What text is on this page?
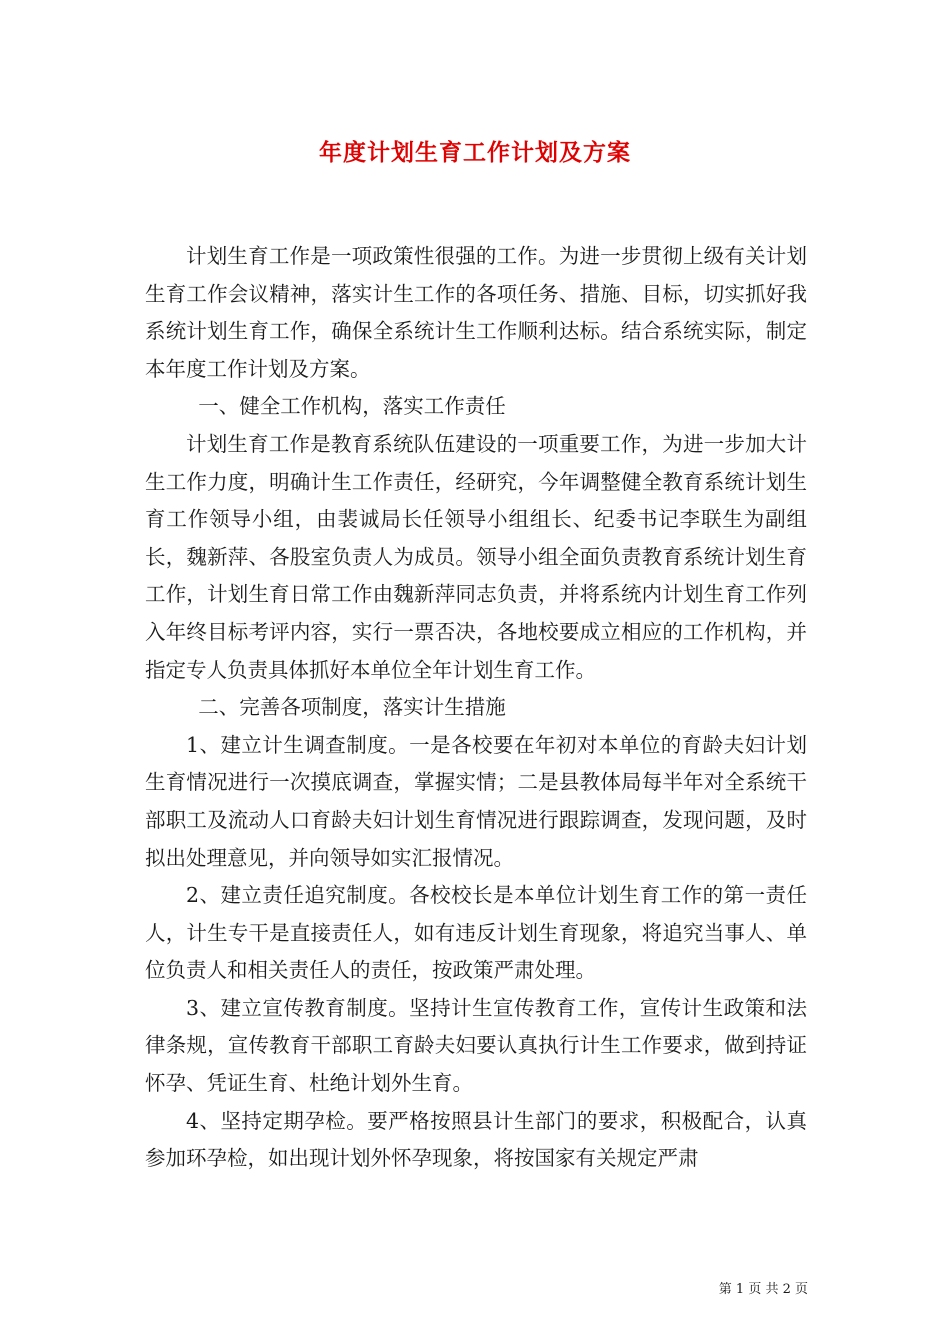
年度计划生育工作计划及方案

计划生育工作是一项政策性很强的工作。为进一步贯彻上级有关计划生育工作会议精神，落实计生工作的各项任务、措施、目标，切实抓好我系统计划生育工作，确保全系统计生工作顺利达标。结合系统实际，制定本年度工作计划及方案。

一、健全工作机构，落实工作责任

计划生育工作是教育系统队伍建设的一项重要工作，为进一步加大计生工作力度，明确计生工作责任，经研究，今年调整健全教育系统计划生育工作领导小组，由裴诚局长任领导小组组长、纪委书记李联生为副组长，魏新萍、各股室负责人为成员。领导小组全面负责教育系统计划生育工作，计划生育日常工作由魏新萍同志负责，并将系统内计划生育工作列入年终目标考评内容，实行一票否决，各地校要成立相应的工作机构，并指定专人负责具体抓好本单位全年计划生育工作。

二、完善各项制度，落实计生措施

1、建立计生调查制度。一是各校要在年初对本单位的育龄夫妇计划生育情况进行一次摸底调查，掌握实情；二是县教体局每半年对全系统干部职工及流动人口育龄夫妇计划生育情况进行跟踪调查，发现问题，及时拟出处理意见，并向领导如实汇报情况。

2、建立责任追究制度。各校校长是本单位计划生育工作的第一责任人，计生专干是直接责任人，如有违反计划生育现象，将追究当事人、单位负责人和相关责任人的责任，按政策严肃处理。

3、建立宣传教育制度。坚持计生宣传教育工作，宣传计生政策和法律条规，宣传教育干部职工育龄夫妇要认真执行计生工作要求，做到持证怀孕、凭证生育、杜绝计划外生育。

4、坚持定期孕检。要严格按照县计生部门的要求，积极配合，认真参加环孕检，如出现计划外怀孕现象，将按国家有关规定严肃

第 1 页 共 2 页
